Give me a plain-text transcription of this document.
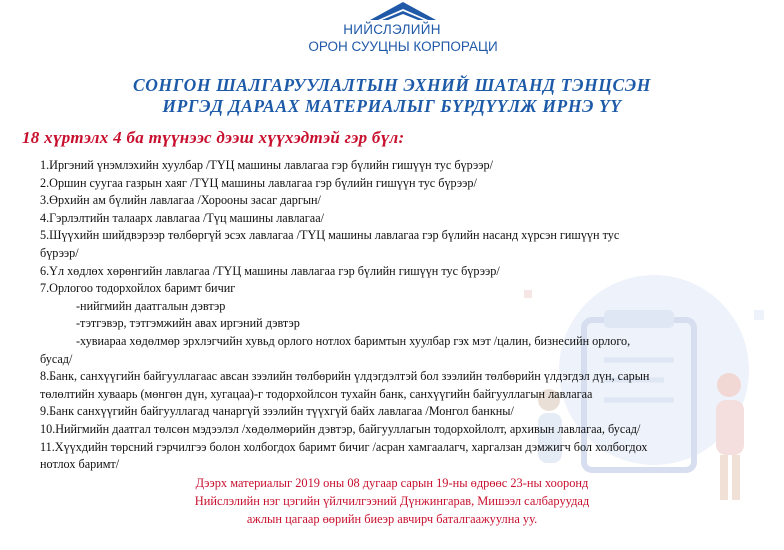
НИЙСЛЭЛИЙН
ОРОН СУУЦНЫ КОРПОРАЦИ
СОНГОН ШАЛГАРУУЛАЛТЫН ЭХНИЙ ШАТАНД ТЭНЦСЭН
ИРГЭД ДАРААХ МАТЕРИАЛЫГ БҮРДҮҮЛЖ ИРНЭ ҮҮ
18 хүртэлх 4 ба түүнээс дээш хүүхэдтэй гэр бүл:
1.Иргэний үнэмлэхийн хуулбар /ТҮЦ машины лавлагаа гэр бүлийн гишүүн тус бүрээр/
2.Оршин суугаа газрын хаяг /ТҮЦ машины лавлагаа гэр бүлийн гишүүн тус бүрээр/
3.Өрхийн ам бүлийн лавлагаа /Хорооны засаг даргын/
4.Гэрлэлтийн талаарх лавлагаа /Түц машины лавлагаа/
5.Шүүхийн шийдвэрээр төлбөргүй эсэх лавлагаа /ТҮЦ машины лавлагаа гэр бүлийн насанд хүрсэн гишүүн тус
бүрээр/
6.Үл хөдлөх хөрөнгийн лавлагаа /ТҮЦ машины лавлагаа гэр бүлийн гишүүн тус бүрээр/
7.Орлогоо тодорхойлох баримт бичиг
-нийгмийн даатгалын дэвтэр
-тэтгэвэр, тэтгэмжийн авах иргэний дэвтэр
-хувиараа хөдөлмөр эрхлэгчийн хувьд орлого нотлох баримтын хуулбар гэх мэт /цалин, бизнесийн орлого,
бусад/
8.Банк, санхүүгийн байгууллагаас авсан зээлийн төлбөрийн үлдэгдэлтэй бол зээлийн төлбөрийн үлдэгдэл дүн, сарын
төлөлтийн хуваарь (мөнгөн дүн, хугацаа)-г тодорхойлсон тухайн банк, санхүүгийн байгууллагын лавлагаа
9.Банк санхүүгийн байгууллагад чанаргүй зээлийн түүхгүй байх лавлагаа /Монгол банкны/
10.Нийгмийн даатгал төлсөн мэдээлэл /хөдөлмөрийн дэвтэр, байгууллагын тодорхойлолт, архивын лавлагаа, бусад/
11.Хүүхдийн төрсний гэрчилгээ болон холбогдох баримт бичиг /асран хамгаалагч, харгалзан дэмжигч бол холбогдох
нотлох баримт/
Дээрх материалыг 2019 оны 08 дугаар сарын 19-ны өдрөөс 23-ны хооронд
Нийслэлийн нэг цэгийн үйлчилгээний Дүнжингарав, Мишээл салбаруудад
ажлын цагаар өөрийн биеэр авчирч баталгаажуулна уу.
